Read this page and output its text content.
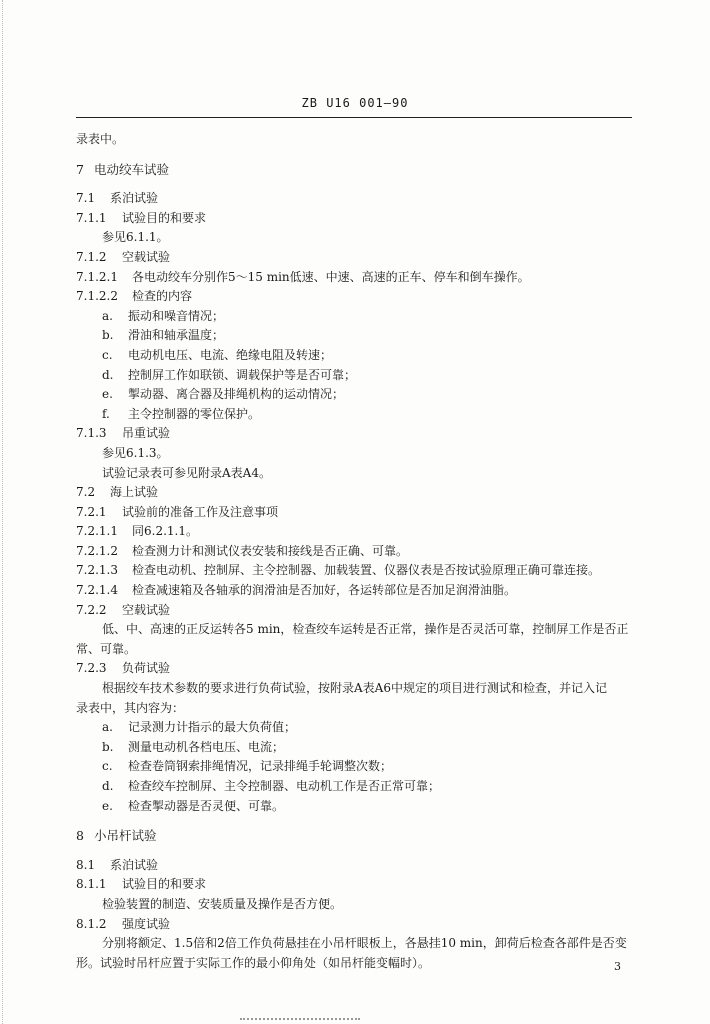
ZB U16 001—90
录表中。
7 电动绞车试验
7.1 系泊试验
7.1.1 试验目的和要求
参见6.1.1。
7.1.2 空载试验
7.1.2.1 各电动绞车分别作5～15 min低速、中速、高速的正车、停车和倒车操作。
7.1.2.2 检查的内容
a. 振动和噪音情况；
b. 滑油和轴承温度；
c. 电动机电压、电流、绝缘电阻及转速；
d. 控制屏工作如联锁、调载保护等是否可靠；
e. 掣动器、离合器及排绳机构的运动情况；
f. 主令控制器的零位保护。
7.1.3 吊重试验
参见6.1.3。
试验记录表可参见附录A表A4。
7.2 海上试验
7.2.1 试验前的准备工作及注意事项
7.2.1.1 同6.2.1.1。
7.2.1.2 检查测力计和测试仪表安装和接线是否正确、可靠。
7.2.1.3 检查电动机、控制屏、主令控制器、加载装置、仪器仪表是否按试验原理正确可靠连接。
7.2.1.4 检查减速箱及各轴承的润滑油是否加好，各运转部位是否加足润滑油脂。
7.2.2 空载试验
低、中、高速的正反运转各5 min，检查绞车运转是否正常，操作是否灵活可靠，控制屏工作是否正
常、可靠。
7.2.3 负荷试验
根据绞车技术参数的要求进行负荷试验，按附录A表A6中规定的项目进行测试和检查，并记入记
录表中，其内容为：
a. 记录测力计指示的最大负荷值；
b. 测量电动机各档电压、电流；
c. 检查卷筒钢索排绳情况，记录排绳手轮调整次数；
d. 检查绞车控制屏、主令控制器、电动机工作是否正常可靠；
e. 检查掣动器是否灵便、可靠。
8 小吊杆试验
8.1 系泊试验
8.1.1 试验目的和要求
检验装置的制造、安装质量及操作是否方便。
8.1.2 强度试验
分别将额定、1.5倍和2倍工作负荷悬挂在小吊杆眼板上，各悬挂10 min，卸荷后检查各部件是否变
形。试验时吊杆应置于实际工作的最小仰角处（如吊杆能变幅时）。	3
